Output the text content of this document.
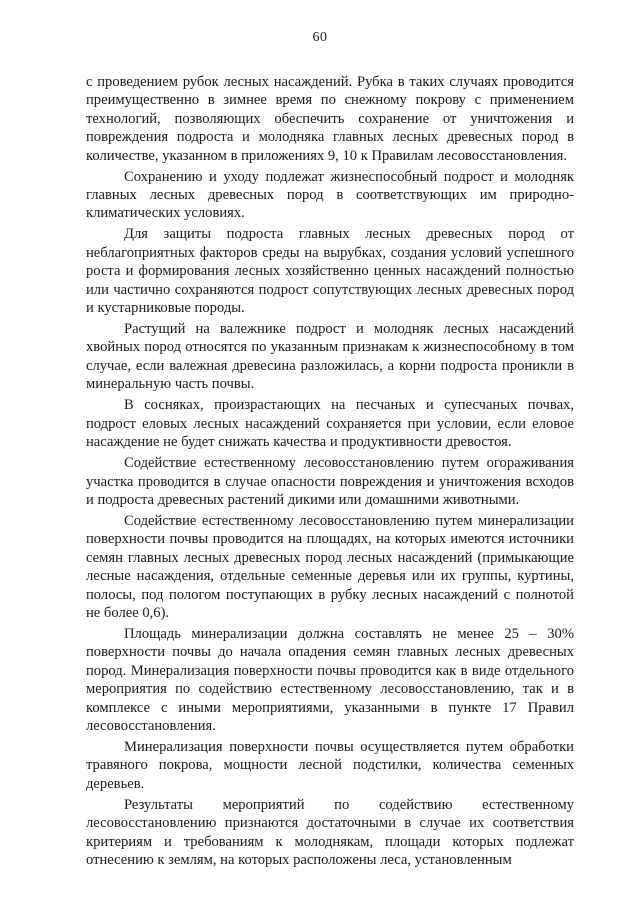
60

с проведением рубок лесных насаждений. Рубка в таких случаях проводится преимущественно в зимнее время по снежному покрову с применением технологий, позволяющих обеспечить сохранение от уничтожения и повреждения подроста и молодняка главных лесных древесных пород в количестве, указанном в приложениях 9, 10 к Правилам лесовосстановления.

Сохранению и уходу подлежат жизнеспособный подрост и молодняк главных лесных древесных пород в соответствующих им природно-климатических условиях.

Для защиты подроста главных лесных древесных пород от неблагоприятных факторов среды на вырубках, создания условий успешного роста и формирования лесных хозяйственно ценных насаждений полностью или частично сохраняются подрост сопутствующих лесных древесных пород и кустарниковые породы.

Растущий на валежнике подрост и молодняк лесных насаждений хвойных пород относятся по указанным признакам к жизнеспособному в том случае, если валежная древесина разложилась, а корни подроста проникли в минеральную часть почвы.

В сосняках, произрастающих на песчаных и супесчаных почвах, подрост еловых лесных насаждений сохраняется при условии, если еловое насаждение не будет снижать качества и продуктивности древостоя.

Содействие естественному лесовосстановлению путем огораживания участка проводится в случае опасности повреждения и уничтожения всходов и подроста древесных растений дикими или домашними животными.

Содействие естественному лесовосстановлению путем минерализации поверхности почвы проводится на площадях, на которых имеются источники семян главных лесных древесных пород лесных насаждений (примыкающие лесные насаждения, отдельные семенные деревья или их группы, куртины, полосы, под пологом поступающих в рубку лесных насаждений с полнотой не более 0,6).

Площадь минерализации должна составлять не менее 25 – 30% поверхности почвы до начала опадения семян главных лесных древесных пород. Минерализация поверхности почвы проводится как в виде отдельного мероприятия по содействию естественному лесовосстановлению, так и в комплексе с иными мероприятиями, указанными в пункте 17 Правил лесовосстановления.

Минерализация поверхности почвы осуществляется путем обработки травяного покрова, мощности лесной подстилки, количества семенных деревьев.

Результаты мероприятий по содействию естественному лесовосстановлению признаются достаточными в случае их соответствия критериям и требованиям к молоднякам, площади которых подлежат отнесению к землям, на которых расположены леса, установленным
